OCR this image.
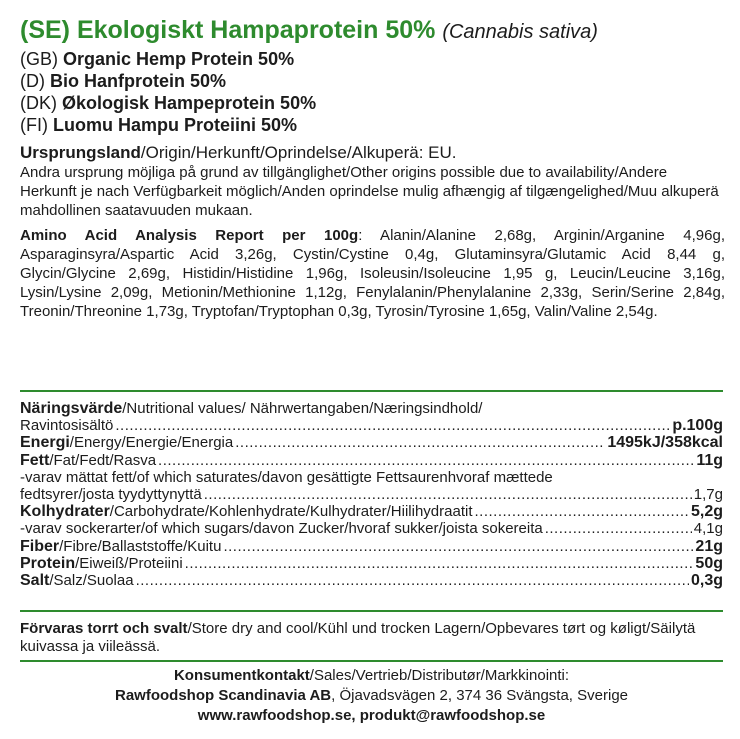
(SE) Ekologiskt Hampaprotein 50% (Cannabis sativa)
(GB) Organic Hemp Protein 50%
(D) Bio Hanfprotein 50%
(DK) Økologisk Hampeprotein 50%
(FI) Luomu Hampu Proteiini 50%
Ursprungsland/Origin/Herkunft/Oprindelse/Alkuperä: EU.
Andra ursprung möjliga på grund av tillgänglighet/Other origins possible due to availability/Andere Herkunft je nach Verfügbarkeit möglich/Anden oprindelse mulig afhængig af tilgængelighed/Muu alkuperä mahdollinen saatavuuden mukaan.
Amino Acid Analysis Report per 100g: Alanin/Alanine 2,68g, Arginin/Arganine 4,96g, Asparaginsyra/Aspartic Acid 3,26g, Cystin/Cystine 0,4g, Glutaminsyra/Glutamic Acid 8,44 g, Glycin/Glycine 2,69g, Histidin/Histidine 1,96g, Isoleusin/Isoleucine 1,95 g, Leucin/Leucine 3,16g, Lysin/Lysine 2,09g, Metionin/Methionine 1,12g, Fenylalanin/Phenylalanine 2,33g, Serin/Serine 2,84g, Treonin/Threonine 1,73g, Tryptofan/Tryptophan 0,3g, Tyrosin/Tyrosine 1,65g, Valin/Valine 2,54g.
Näringsvärde/Nutritional values/ Nährwertangaben/Næringsindhold/
Ravintosisältö .....	p.100g
Energi/Energy/Energie/Energia .....	1495kJ/358kcal
Fett/Fat/Fedt/Rasva .....	11g
-varav mättat fett/of which saturates/davon gesättigte Fettsaurenhvoraf mættede
fedtsyrer/josta tyydyttynyttä .....	1,7g
Kolhydrater/Carbohydrate/Kohlenhydrate/Kulhydrater/Hiilihydraatit .....	5,2g
-varav sockerarter/of which sugars/davon Zucker/hvoraf sukker/joista sokereita .....	4,1g
Fiber/Fibre/Ballaststoffe/Kuitu .....	21g
Protein/Eiweiß/Proteiini .....	50g
Salt/Salz/Suolaa .....	0,3g
Förvaras torrt och svalt/Store dry and cool/Kühl und trocken Lagern/Opbevares tørt og køligt/Säilytä kuivassa ja viileässä.
Konsumentkontakt/Sales/Vertrieb/Distributør/Markkinointi:
Rawfoodshop Scandinavia AB, Öjavadsvägen 2, 374 36 Svängsta, Sverige
www.rawfoodshop.se, produkt@rawfoodshop.se
